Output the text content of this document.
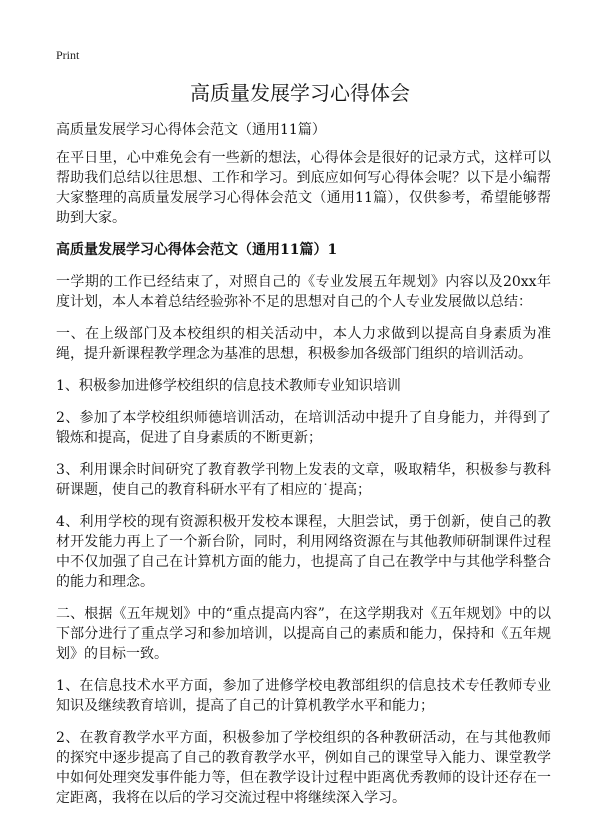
Print
高质量发展学习心得体会

高质量发展学习心得体会范文（通用11篇）

在平日里，心中难免会有一些新的想法，心得体会是很好的记录方式，这样可以帮助我们总结以往思想、工作和学习。到底应如何写心得体会呢？以下是小编帮大家整理的高质量发展学习心得体会范文（通用11篇），仅供参考，希望能够帮助到大家。

高质量发展学习心得体会范文（通用11篇）1

一学期的工作已经结束了，对照自己的《专业发展五年规划》内容以及20xx年度计划，本人本着总结经验弥补不足的思想对自己的个人专业发展做以总结：

一、在上级部门及本校组织的相关活动中，本人力求做到以提高自身素质为准绳，提升新课程教学理念为基准的思想，积极参加各级部门组织的培训活动。

1、积极参加进修学校组织的信息技术教师专业知识培训

2、参加了本学校组织师德培训活动，在培训活动中提升了自身能力，并得到了锻炼和提高，促进了自身素质的不断更新；

3、利用课余时间研究了教育教学刊物上发表的文章，吸取精华，积极参与教科研课题，使自己的教育科研水平有了相应的˙提高；

4、利用学校的现有资源积极开发校本课程，大胆尝试，勇于创新，使自己的教材开发能力再上了一个新台阶，同时，利用网络资源在与其他教师研制课件过程中不仅加强了自己在计算机方面的能力，也提高了自己在教学中与其他学科整合的能力和理念。

二、根据《五年规划》中的“重点提高内容”，在这学期我对《五年规划》中的以下部分进行了重点学习和参加培训，以提高自己的素质和能力，保持和《五年规划》的目标一致。

1、在信息技术水平方面，参加了进修学校电教部组织的信息技术专任教师专业知识及继续教育培训，提高了自己的计算机教学水平和能力；

2、在教育教学水平方面，积极参加了学校组织的各种教研活动，在与其他教师的探究中逐步提高了自己的教育教学水平，例如自己的课堂导入能力、课堂教学中如何处理突发事件能力等，但在教学设计过程中距离优秀教师的设计还存在一定距离，我将在以后的学习交流过程中将继续深入学习。
